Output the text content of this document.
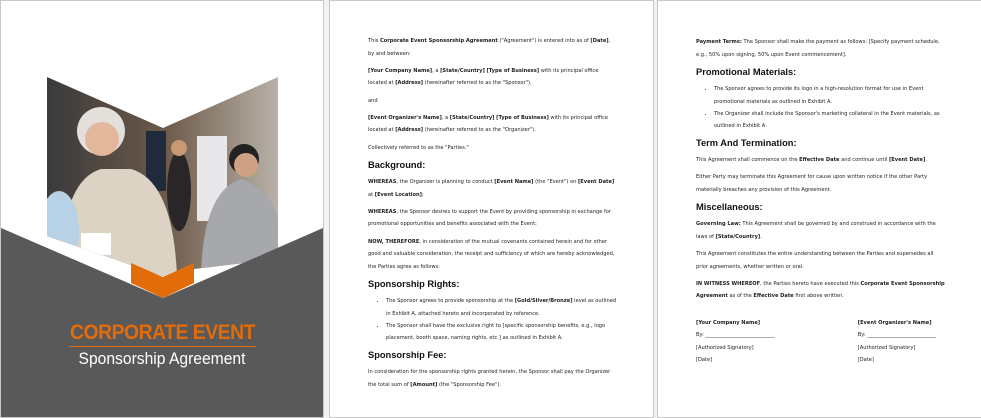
CORPORATE EVENT
Sponsorship Agreement

This Corporate Event Sponsorship Agreement ("Agreement") is entered into as of [Date], by and between:

[Your Company Name], a [State/Country] [Type of Business] with its principal office located at [Address] (hereinafter referred to as the "Sponsor"),

and

[Event Organizer's Name], a [State/Country] [Type of Business] with its principal office located at [Address] (hereinafter referred to as the "Organizer").

Collectively referred to as the "Parties."

Background:

WHEREAS, the Organizer is planning to conduct [Event Name] (the "Event") on [Event Date] at [Event Location];

WHEREAS, the Sponsor desires to support the Event by providing sponsorship in exchange for promotional opportunities and benefits associated with the Event;

NOW, THEREFORE, in consideration of the mutual covenants contained herein and for other good and valuable consideration, the receipt and sufficiency of which are hereby acknowledged, the Parties agree as follows:

Sponsorship Rights:
• The Sponsor agrees to provide sponsorship at the [Gold/Silver/Bronze] level as outlined in Exhibit A, attached hereto and incorporated by reference.
• The Sponsor shall have the exclusive right to [specific sponsorship benefits, e.g., logo placement, booth space, naming rights, etc.] as outlined in Exhibit A.
Sponsorship Fee:

In consideration for the sponsorship rights granted herein, the Sponsor shall pay the Organizer the total sum of [Amount] (the "Sponsorship Fee").

Payment Terms: The Sponsor shall make the payment as follows: [Specify payment schedule, e.g., 50% upon signing, 50% upon Event commencement].

Promotional Materials:
• The Sponsor agrees to provide its logo in a high-resolution format for use in Event promotional materials as outlined in Exhibit A.
• The Organizer shall include the Sponsor's marketing collateral in the Event materials, as outlined in Exhibit A.
Term And Termination:

This Agreement shall commence on the Effective Date and continue until [Event Date].

Either Party may terminate this Agreement for cause upon written notice if the other Party materially breaches any provision of this Agreement.

Miscellaneous:

Governing Law: This Agreement shall be governed by and construed in accordance with the laws of [State/Country].

This Agreement constitutes the entire understanding between the Parties and supersedes all prior agreements, whether written or oral.

IN WITNESS WHEREOF, the Parties hereto have executed this Corporate Event Sponsorship Agreement as of the Effective Date first above written.

[Your Company Name]
By: ___________________________
[Authorized Signatory]
[Date]
[Event Organizer's Name]
By: ___________________________
[Authorized Signatory]
[Date]
